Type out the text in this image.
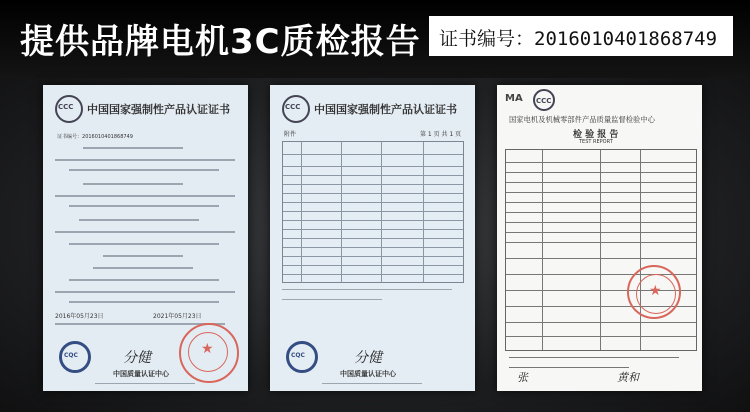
提供品牌电机3C质检报告 证书编号：2016010401868749
CCC
中国国家强制性产品认证证书
证书编号：2016010401868749
2016年05月23日	2021年05月23日
★
CQC
分健
中国质量认证中心
CCC
中国国家强制性产品认证证书
附件	第 1 页 共 1 页
CQC
分健
中国质量认证中心
MA
CCC
国家电机及机械零部件产品质量监督检验中心
检 验 报 告
TEST REPORT
★
张	黄和
